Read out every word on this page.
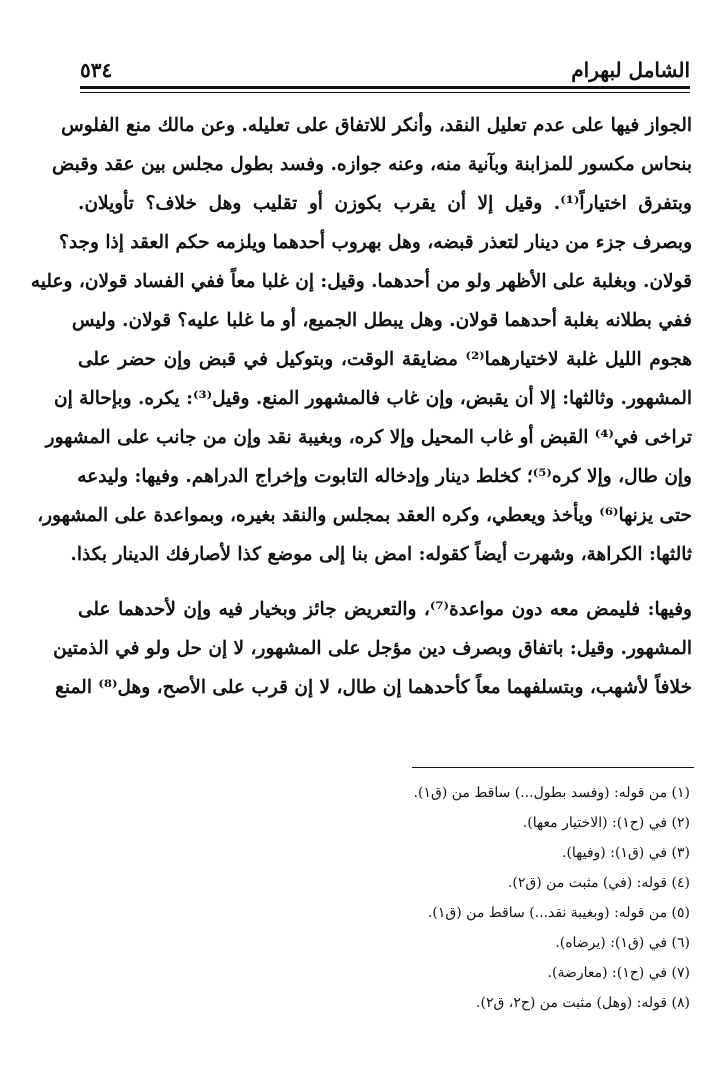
الشامل لبهرام
٥٣٤
الجواز فيها على عدم تعليل النقد، وأنكر للاتفاق على تعليله. وعن مالك منع الفلوس
بنحاس مكسور للمزابنة وبآنية منه، وعنه جوازه. وفسد بطول مجلس بين عقد وقبض
وبتفرق اختياراً⁽¹⁾. وقيل إلا أن يقرب بكوزن أو تقليب وهل خلاف؟ تأويلان.
وبصرف جزء من دينار لتعذر قبضه، وهل بهروب أحدهما ويلزمه حكم العقد إذا وجد؟
قولان. وبغلبة على الأظهر ولو من أحدهما. وقيل: إن غلبا معاً ففي الفساد قولان، وعليه
ففي بطلانه بغلبة أحدهما قولان. وهل يبطل الجميع، أو ما غلبا عليه؟ قولان. وليس
هجوم الليل غلبة لاختيارهما⁽²⁾ مضايقة الوقت، وبتوكيل في قبض وإن حضر على
المشهور. وثالثها: إلا أن يقبض، وإن غاب فالمشهور المنع. وقيل⁽³⁾: يكره. وبإحالة إن
تراخى في⁽⁴⁾ القبض أو غاب المحيل وإلا كره، وبغيبة نقد وإن من جانب على المشهور
وإن طال، وإلا كره⁽⁵⁾؛ كخلط دينار وإدخاله التابوت وإخراج الدراهم. وفيها: وليدعه
حتى يزنها⁽⁶⁾ ويأخذ ويعطي، وكره العقد بمجلس والنقد بغيره، وبمواعدة على المشهور،
ثالثها: الكراهة، وشهرت أيضاً كقوله: امض بنا إلى موضع كذا لأصارفك الدينار بكذا.
وفيها: فليمض معه دون مواعدة⁽⁷⁾، والتعريض جائز وبخيار فيه وإن لأحدهما على
المشهور. وقيل: باتفاق وبصرف دين مؤجل على المشهور، لا إن حل ولو في الذمتين
خلافاً لأشهب، وبتسلفهما معاً كأحدهما إن طال، لا إن قرب على الأصح، وهل⁽⁸⁾ المنع
(١) من قوله: (وفسد بطول...) ساقط من (ق١).
(٢) في (ح١): (الاختيار معها).
(٣) في (ق١): (وفيها).
(٤) قوله: (في) مثبت من (ق٢).
(٥) من قوله: (وبغيبة نقد...) ساقط من (ق١).
(٦) في (ق١): (يرضاه).
(٧) في (ح١): (معارضة).
(٨) قوله: (وهل) مثبت من (ح٢، ق٢).
